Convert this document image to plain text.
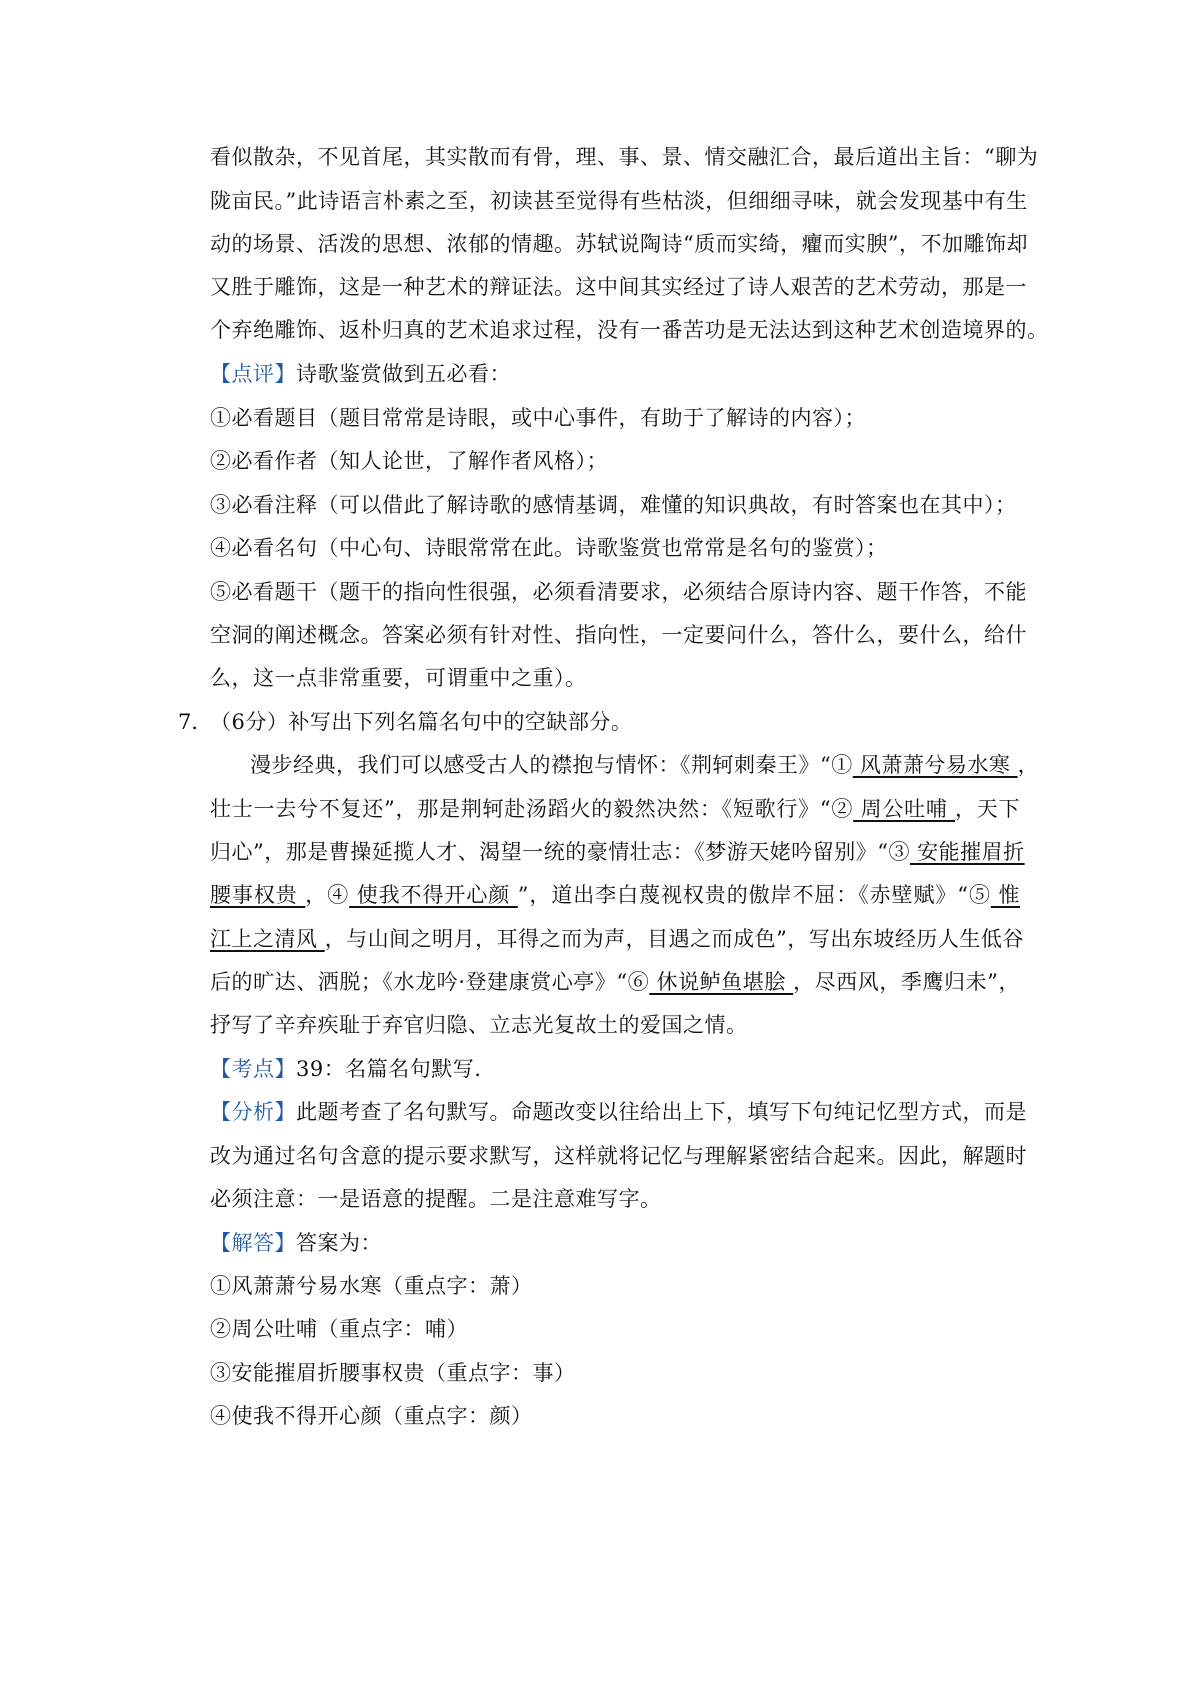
看似散杂，不见首尾，其实散而有骨，理、事、景、情交融汇合，最后道出主旨：“聊为
陇亩民。”此诗语言朴素之至，初读甚至觉得有些枯淡，但细细寻味，就会发现基中有生
动的场景、活泼的思想、浓郁的情趣。苏轼说陶诗“质而实绮，癯而实腴”，不加雕饰却
又胜于雕饰，这是一种艺术的辩证法。这中间其实经过了诗人艰苦的艺术劳动，那是一
个弃绝雕饰、返朴归真的艺术追求过程，没有一番苦功是无法达到这种艺术创造境界的。
【点评】诗歌鉴赏做到五必看：
①必看题目（题目常常是诗眼，或中心事件，有助于了解诗的内容）；
②必看作者（知人论世，了解作者风格）；
③必看注释（可以借此了解诗歌的感情基调，难懂的知识典故，有时答案也在其中）；
④必看名句（中心句、诗眼常常在此。诗歌鉴赏也常常是名句的鉴赏）；
⑤必看题干（题干的指向性很强，必须看清要求，必须结合原诗内容、题干作答，不能
空洞的阐述概念。答案必须有针对性、指向性，一定要问什么，答什么，要什么，给什
么，这一点非常重要，可谓重中之重）。
7．
（6分）补写出下列名篇名句中的空缺部分。
漫步经典，我们可以感受古人的襟抱与情怀：《荆轲刺秦王》“① 风萧萧兮易水寒 ，
壮士一去兮不复还”，那是荆轲赴汤蹈火的毅然决然：《短歌行》“② 周公吐哺 ，天下
归心”，那是曹操延揽人才、渴望一统的豪情壮志：《梦游天姥吟留别》“③ 安能摧眉折
腰事权贵 ，④ 使我不得开心颜 ”，道出李白蔑视权贵的傲岸不屈：《赤壁赋》“⑤ 惟
江上之清风 ，与山间之明月，耳得之而为声，目遇之而成色”，写出东坡经历人生低谷
后的旷达、洒脱；《水龙吟·登建康赏心亭》“⑥ 休说鲈鱼堪脍 ，尽西风，季鹰归未”，
抒写了辛弃疾耻于弃官归隐、立志光复故土的爱国之情。
【考点】39：名篇名句默写.
【分析】此题考查了名句默写。命题改变以往给出上下，填写下句纯记忆型方式，而是
改为通过名句含意的提示要求默写，这样就将记忆与理解紧密结合起来。因此，解题时
必须注意：一是语意的提醒。二是注意难写字。
【解答】答案为：
①风萧萧兮易水寒（重点字：萧）
②周公吐哺（重点字：哺）
③安能摧眉折腰事权贵（重点字：事）
④使我不得开心颜（重点字：颜）
